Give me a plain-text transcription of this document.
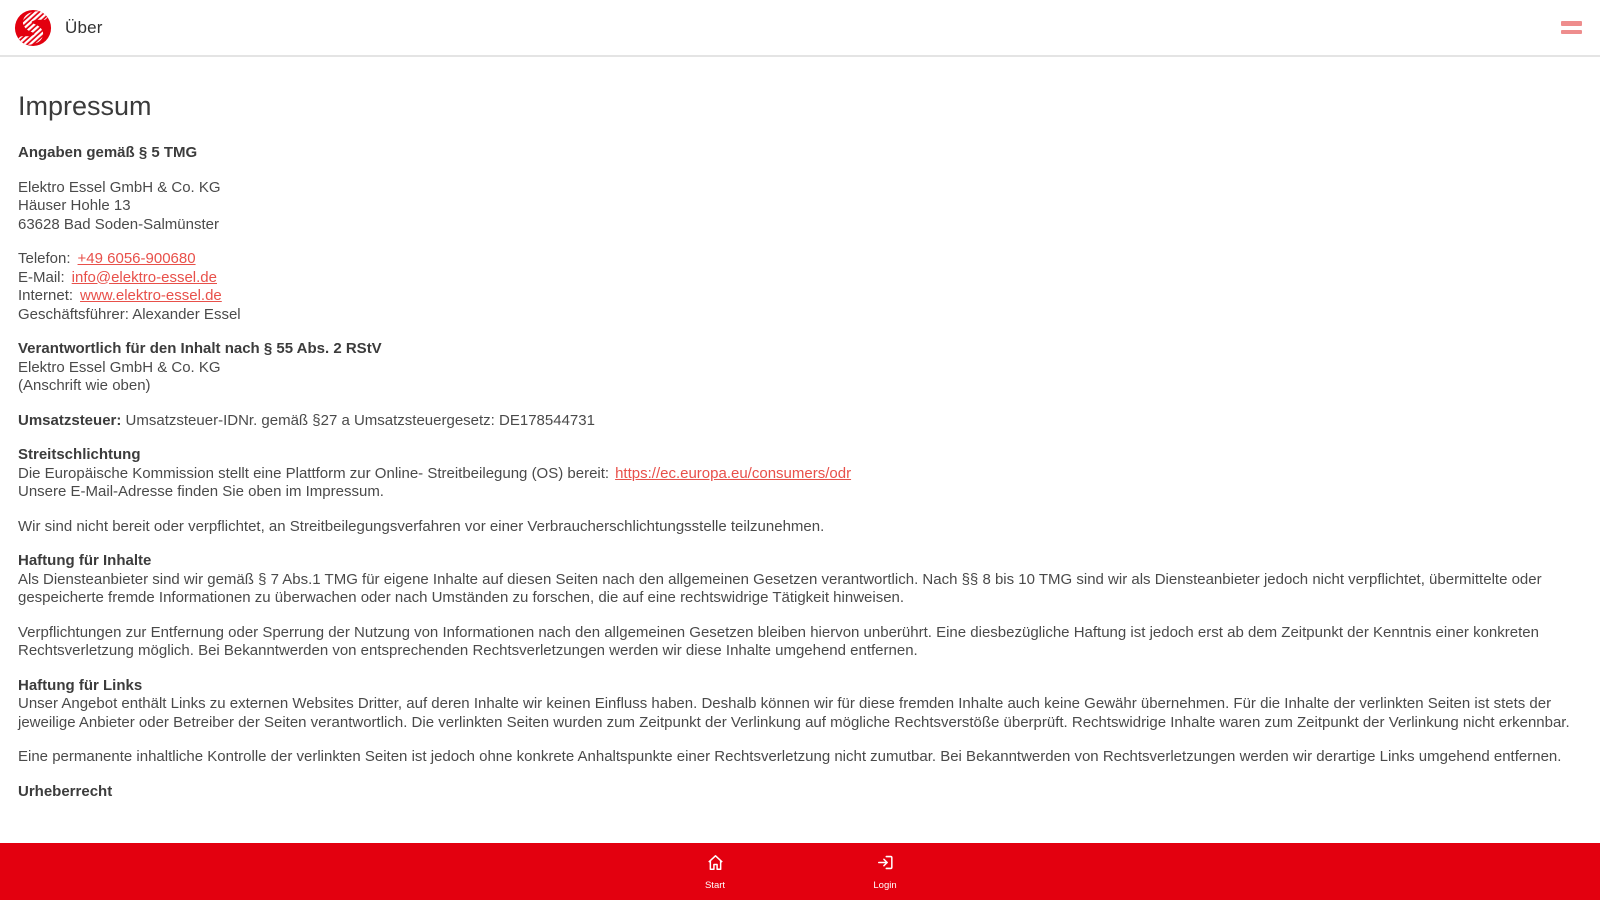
Über
Impressum
Angaben gemäß § 5 TMG
Elektro Essel GmbH & Co. KG
Häuser Hohle 13
63628 Bad Soden-Salmünster
Telefon: +49 6056-900680
E-Mail: info@elektro-essel.de
Internet: www.elektro-essel.de
Geschäftsführer: Alexander Essel
Verantwortlich für den Inhalt nach § 55 Abs. 2 RStV
Elektro Essel GmbH & Co. KG
(Anschrift wie oben)
Umsatzsteuer: Umsatzsteuer-IDNr. gemäß §27 a Umsatzsteuergesetz: DE178544731
Streitschlichtung
Die Europäische Kommission stellt eine Plattform zur Online- Streitbeilegung (OS) bereit: https://ec.europa.eu/consumers/odr
Unsere E-Mail-Adresse finden Sie oben im Impressum.
Wir sind nicht bereit oder verpflichtet, an Streitbeilegungsverfahren vor einer Verbraucherschlichtungsstelle teilzunehmen.
Haftung für Inhalte
Als Diensteanbieter sind wir gemäß § 7 Abs.1 TMG für eigene Inhalte auf diesen Seiten nach den allgemeinen Gesetzen verantwortlich. Nach §§ 8 bis 10 TMG sind wir als Diensteanbieter jedoch nicht verpflichtet, übermittelte oder gespeicherte fremde Informationen zu überwachen oder nach Umständen zu forschen, die auf eine rechtswidrige Tätigkeit hinweisen.
Verpflichtungen zur Entfernung oder Sperrung der Nutzung von Informationen nach den allgemeinen Gesetzen bleiben hiervon unberührt. Eine diesbezügliche Haftung ist jedoch erst ab dem Zeitpunkt der Kenntnis einer konkreten Rechtsverletzung möglich. Bei Bekanntwerden von entsprechenden Rechtsverletzungen werden wir diese Inhalte umgehend entfernen.
Haftung für Links
Unser Angebot enthält Links zu externen Websites Dritter, auf deren Inhalte wir keinen Einfluss haben. Deshalb können wir für diese fremden Inhalte auch keine Gewähr übernehmen. Für die Inhalte der verlinkten Seiten ist stets der jeweilige Anbieter oder Betreiber der Seiten verantwortlich. Die verlinkten Seiten wurden zum Zeitpunkt der Verlinkung auf mögliche Rechtsverstöße überprüft. Rechtswidrige Inhalte waren zum Zeitpunkt der Verlinkung nicht erkennbar.
Eine permanente inhaltliche Kontrolle der verlinkten Seiten ist jedoch ohne konkrete Anhaltspunkte einer Rechtsverletzung nicht zumutbar. Bei Bekanntwerden von Rechtsverletzungen werden wir derartige Links umgehend entfernen.
Urheberrecht
Start	Login
